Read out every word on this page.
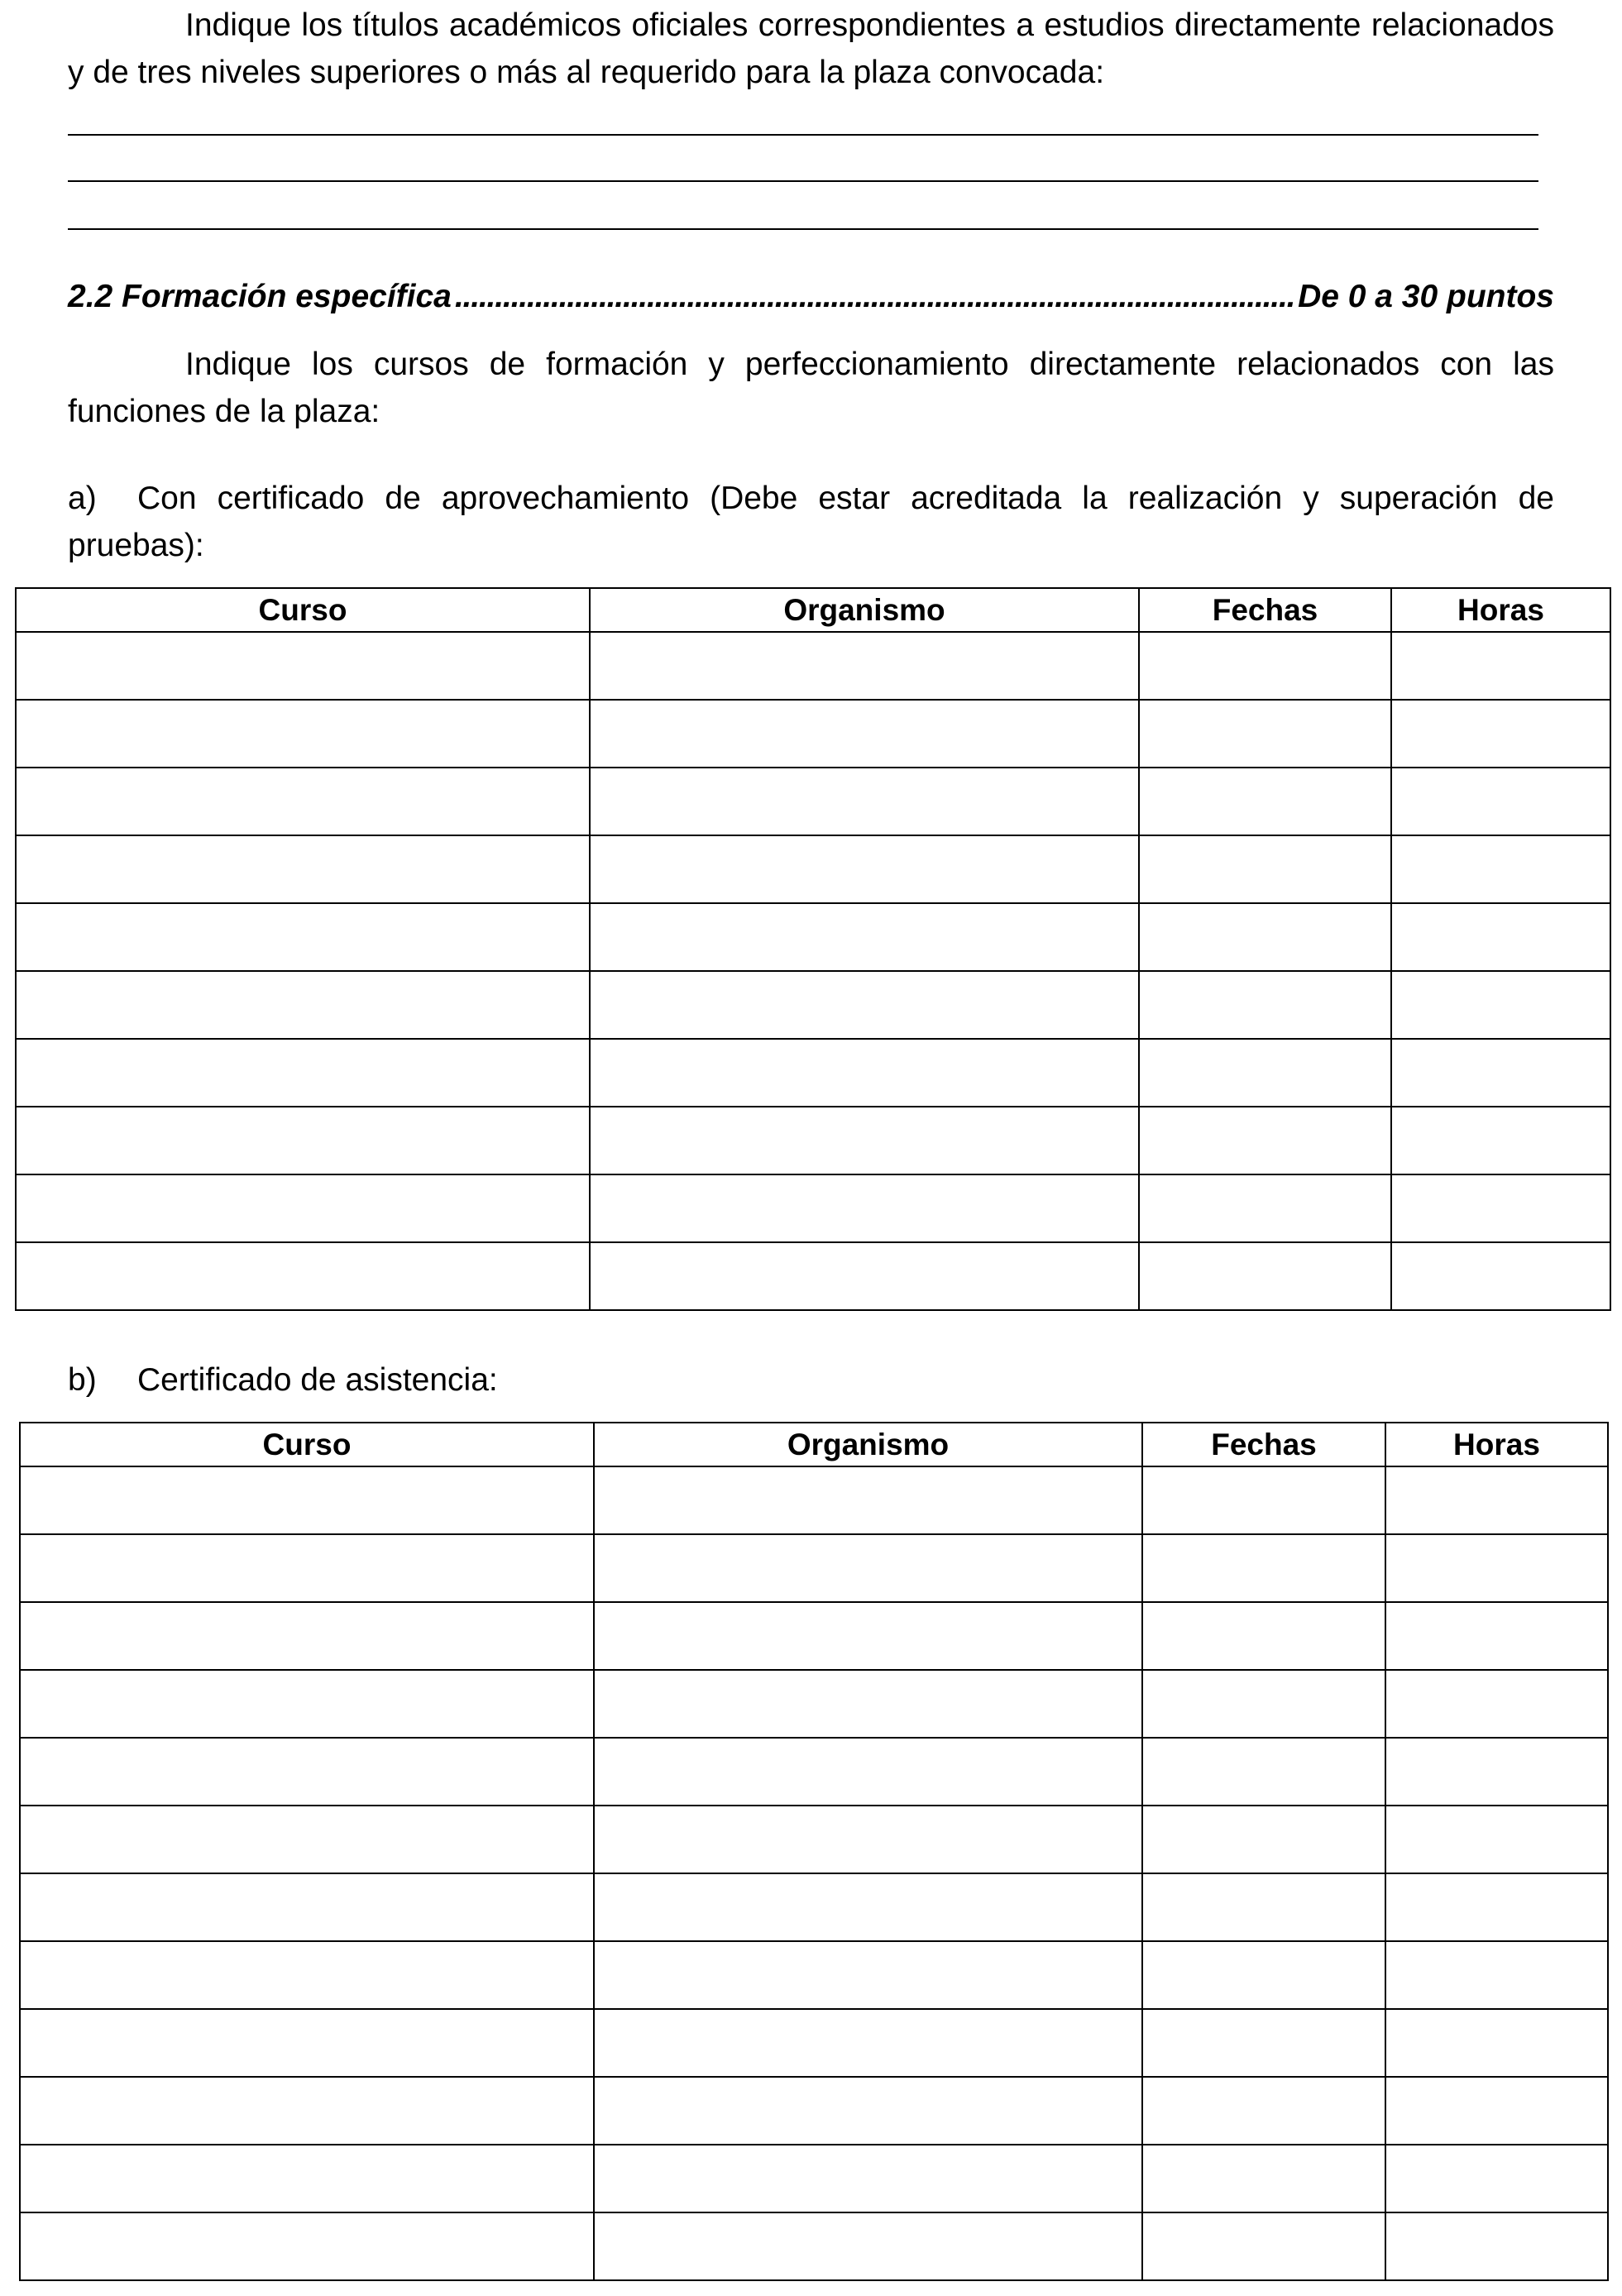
Indique los títulos académicos oficiales correspondientes a estudios directamente relacionados y de tres niveles superiores o más al requerido para la plaza convocada:

2.2 Formación específica . . .	De 0 a 30 puntos

Indique los cursos de formación y perfeccionamiento directamente relacionados con las funciones de la plaza:

a) Con certificado de aprovechamiento (Debe estar acreditada la realización y superación de pruebas):

Curso	Organismo	Fechas	Horas

b) Certificado de asistencia:
Curso	Organismo	Fechas	Horas
